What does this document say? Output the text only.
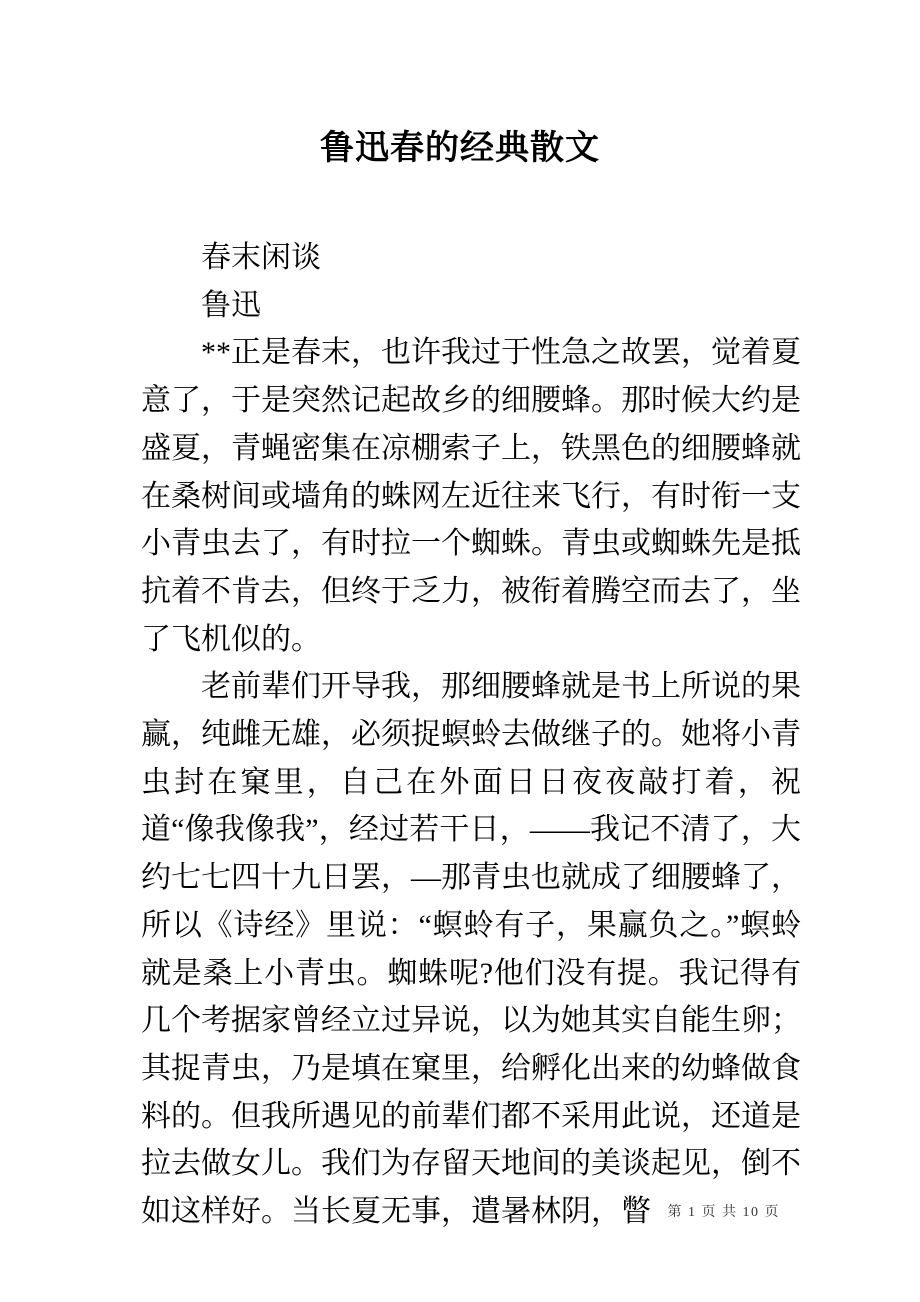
鲁迅春的经典散文

春末闲谈

鲁迅

**正是春末，也许我过于性急之故罢，觉着夏意了，于是突然记起故乡的细腰蜂。那时候大约是盛夏，青蝇密集在凉棚索子上，铁黑色的细腰蜂就在桑树间或墙角的蛛网左近往来飞行，有时衔一支小青虫去了，有时拉一个蜘蛛。青虫或蜘蛛先是抵抗着不肯去，但终于乏力，被衔着腾空而去了，坐了飞机似的。

老前辈们开导我，那细腰蜂就是书上所说的果赢，纯雌无雄，必须捉螟蛉去做继子的。她将小青虫封在窠里，自己在外面日日夜夜敲打着，祝道“像我像我”，经过若干日，——我记不清了，大约七七四十九日罢，—那青虫也就成了细腰蜂了，所以《诗经》里说：“螟蛉有子，果赢负之。”螟蛉就是桑上小青虫。蜘蛛呢?他们没有提。我记得有几个考据家曾经立过异说，以为她其实自能生卵；其捉青虫，乃是填在窠里，给孵化出来的幼蜂做食料的。但我所遇见的前辈们都不采用此说，还道是拉去做女儿。我们为存留天地间的美谈起见，倒不如这样好。当长夏无事，遣暑林阴，瞥	第 1 页 共 10 页
